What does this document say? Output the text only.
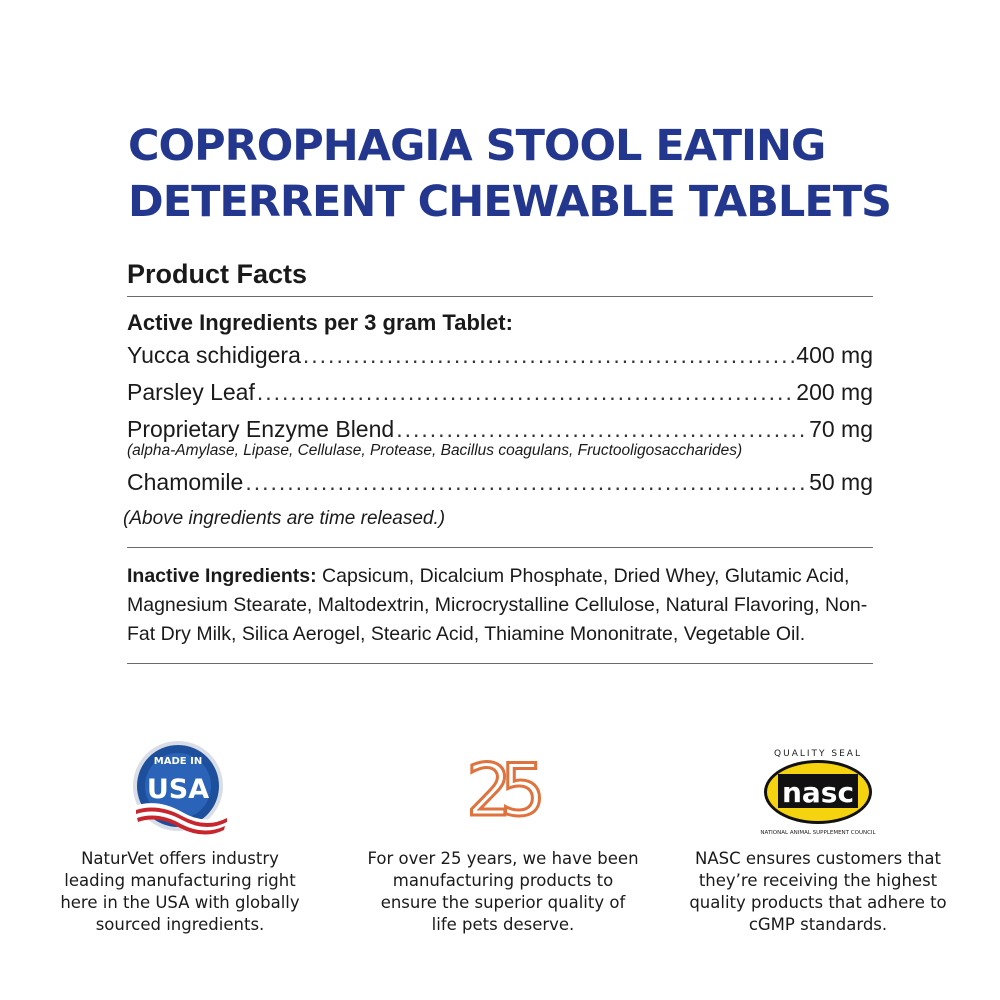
COPROPHAGIA STOOL EATING
DETERRENT CHEWABLE TABLETS
Product Facts
Active Ingredients per 3 gram Tablet:
Yucca schidigera .....	400 mg
Parsley Leaf .....	200 mg
Proprietary Enzyme Blend .....	70 mg
(alpha-Amylase, Lipase, Cellulase, Protease, Bacillus coagulans, Fructooligosaccharides)
Chamomile .....	50 mg
(Above ingredients are time released.)
Inactive Ingredients: Capsicum, Dicalcium Phosphate, Dried Whey, Glutamic Acid, Magnesium Stearate, Maltodextrin, Microcrystalline Cellulose, Natural Flavoring, Non-Fat Dry Milk, Silica Aerogel, Stearic Acid, Thiamine Mononitrate, Vegetable Oil.
MADE IN
USA
NaturVet offers industry leading manufacturing right here in the USA with globally sourced ingredients.
25
For over 25 years, we have been manufacturing products to ensure the superior quality of life pets deserve.
QUALITY SEAL
nasc
NATIONAL ANIMAL SUPPLEMENT COUNCIL
NASC ensures customers that they’re receiving the highest quality products that adhere to cGMP standards.
